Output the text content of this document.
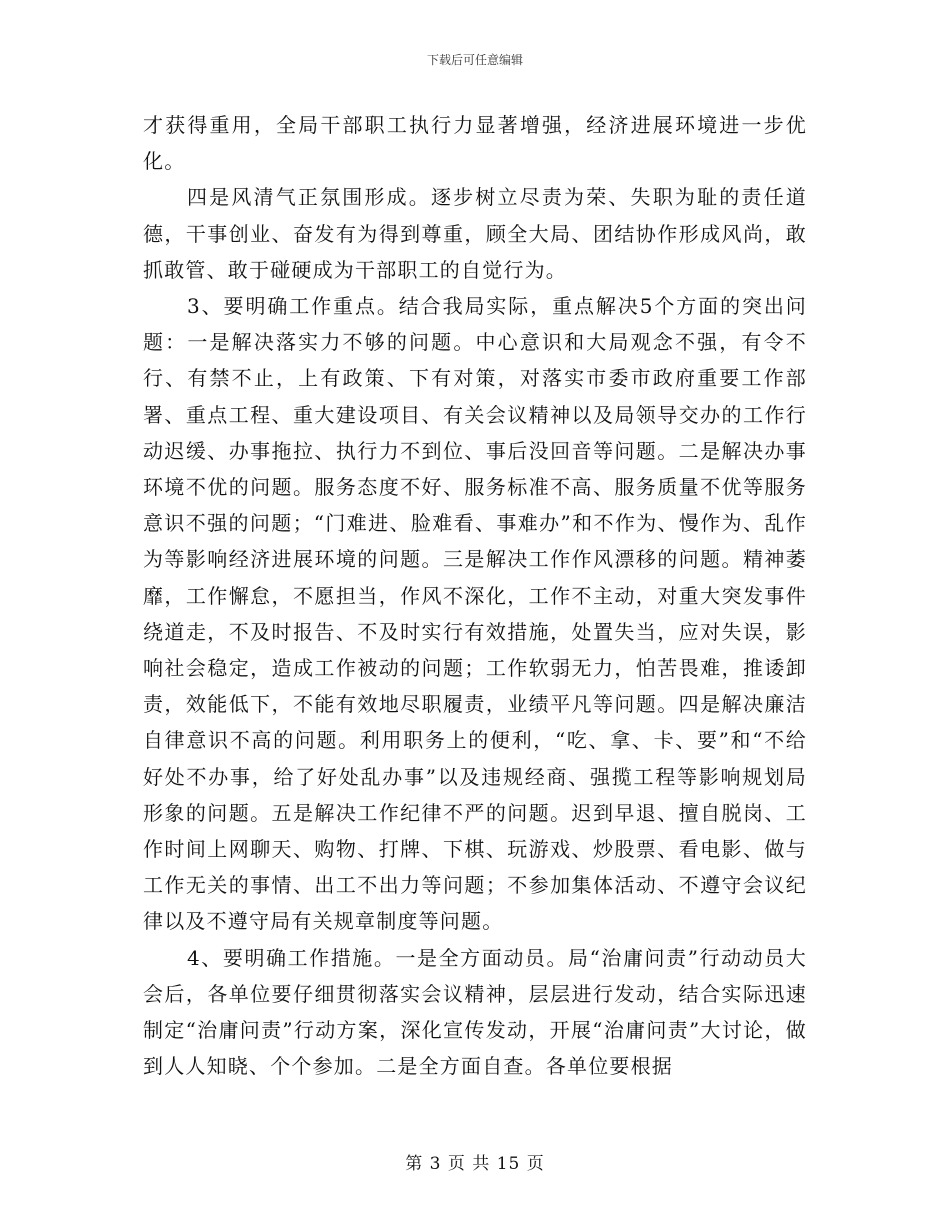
下载后可任意编辑

才获得重用，全局干部职工执行力显著增强，经济进展环境进一步优化。

四是风清气正氛围形成。逐步树立尽责为荣、失职为耻的责任道德，干事创业、奋发有为得到尊重，顾全大局、团结协作形成风尚，敢抓敢管、敢于碰硬成为干部职工的自觉行为。

3、要明确工作重点。结合我局实际，重点解决5个方面的突出问题：一是解决落实力不够的问题。中心意识和大局观念不强，有令不行、有禁不止，上有政策、下有对策，对落实市委市政府重要工作部署、重点工程、重大建设项目、有关会议精神以及局领导交办的工作行动迟缓、办事拖拉、执行力不到位、事后没回音等问题。二是解决办事环境不优的问题。服务态度不好、服务标准不高、服务质量不优等服务意识不强的问题；“门难进、脸难看、事难办”和不作为、慢作为、乱作为等影响经济进展环境的问题。三是解决工作作风漂移的问题。精神萎靡，工作懈怠，不愿担当，作风不深化，工作不主动，对重大突发事件绕道走，不及时报告、不及时实行有效措施，处置失当，应对失误，影响社会稳定，造成工作被动的问题；工作软弱无力，怕苦畏难，推诿卸责，效能低下，不能有效地尽职履责，业绩平凡等问题。四是解决廉洁自律意识不高的问题。利用职务上的便利，“吃、拿、卡、要”和“不给好处不办事，给了好处乱办事”以及违规经商、强揽工程等影响规划局形象的问题。五是解决工作纪律不严的问题。迟到早退、擅自脱岗、工作时间上网聊天、购物、打牌、下棋、玩游戏、炒股票、看电影、做与工作无关的事情、出工不出力等问题；不参加集体活动、不遵守会议纪律以及不遵守局有关规章制度等问题。

4、要明确工作措施。一是全方面动员。局“治庸问责”行动动员大会后，各单位要仔细贯彻落实会议精神，层层进行发动，结合实际迅速制定“治庸问责”行动方案，深化宣传发动，开展“治庸问责”大讨论，做到人人知晓、个个参加。二是全方面自查。各单位要根据

第 3 页 共 15 页
